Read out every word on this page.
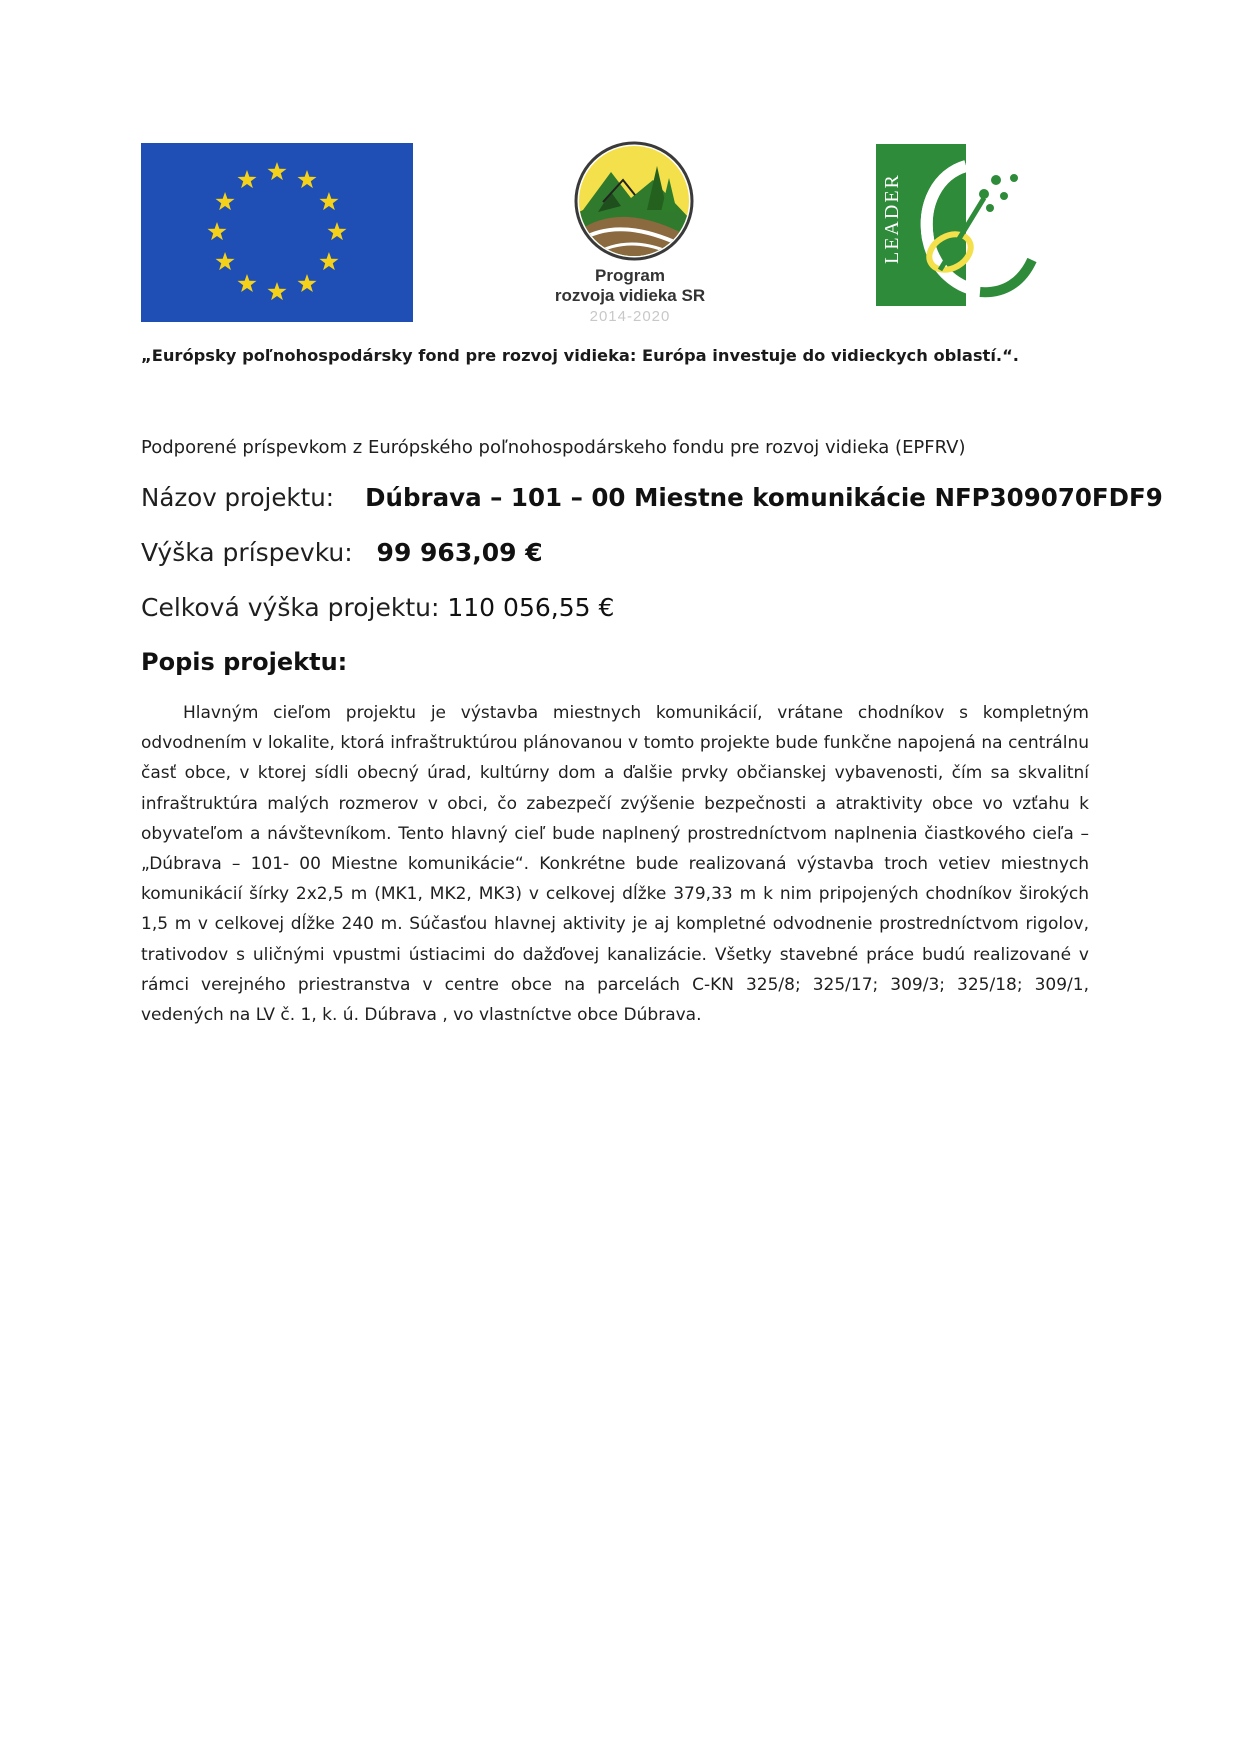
Program
rozvoja vidieka SR
2014-2020
LEADER
„Európsky poľnohospodársky fond pre rozvoj vidieka: Európa investuje do vidieckych oblastí.“.
Podporené príspevkom z Európského poľnohospodárskeho fondu pre rozvoj vidieka (EPFRV)
Názov projektu: Dúbrava – 101 – 00 Miestne komunikácie NFP309070FDF9
Výška príspevku: 99 963,09 €
Celková výška projektu: 110 056,55 €
Popis projektu:

Hlavným cieľom projektu je výstavba miestnych komunikácií, vrátane chodníkov s kompletným odvodnením v lokalite, ktorá infraštruktúrou plánovanou v tomto projekte bude funkčne napojená na centrálnu časť obce, v ktorej sídli obecný úrad, kultúrny dom a ďalšie prvky občianskej vybavenosti, čím sa skvalitní infraštruktúra malých rozmerov v obci, čo zabezpečí zvýšenie bezpečnosti a atraktivity obce vo vzťahu k obyvateľom a návštevníkom. Tento hlavný cieľ bude naplnený prostredníctvom naplnenia čiastkového cieľa – „Dúbrava – 101- 00 Miestne komunikácie“. Konkrétne bude realizovaná výstavba troch vetiev miestnych komunikácií šírky 2x2,5 m (MK1, MK2, MK3) v celkovej dĺžke 379,33 m k nim pripojených chodníkov širokých 1,5 m v celkovej dĺžke 240 m. Súčasťou hlavnej aktivity je aj kompletné odvodnenie prostredníctvom rigolov, trativodov s uličnými vpustmi ústiacimi do dažďovej kanalizácie. Všetky stavebné práce budú realizované v rámci verejného priestranstva v centre obce na parcelách C-KN 325/8; 325/17; 309/3; 325/18; 309/1, vedených na LV č. 1, k. ú. Dúbrava , vo vlastníctve obce Dúbrava.
